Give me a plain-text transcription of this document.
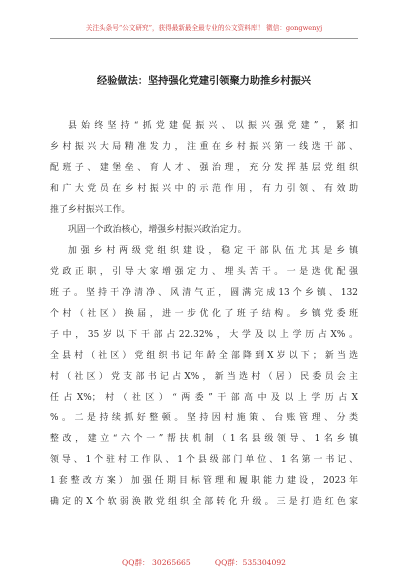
关注头条号“公文研究”，获得最新最全最专业的公文资料库！ 微信：gongwenyj
经验做法：坚持强化党建引领聚力助推乡村振兴
县始终坚持“抓党建促振兴、以振兴强党建”，紧扣
乡村振兴大局精准发力，注重在乡村振兴第一线选干部、
配班子、建堡垒、育人才、强治理，充分发挥基层党组织
和广大党员在乡村振兴中的示范作用，有力引领、有效助
推了乡村振兴工作。
巩固一个政治核心，增强乡村振兴政治定力。
加强乡村两级党组织建设，稳定干部队伍尤其是乡镇
党政正职，引导大家增强定力、埋头苦干。一是选优配强
班子。坚持干净清净、风清气正，圆满完成13个乡镇、132
个村（社区）换届，进一步优化了班子结构。乡镇党委班
子中，35岁以下干部占22.32%，大学及以上学历占X%。
全县村（社区）党组织书记年龄全部降到X岁以下；新当选
村（社区）党支部书记占X%，新当选村（居）民委员会主
任占X%；村（社区）“两委”干部高中及以上学历占X
%。二是持续抓好整顿。坚持因村施策、台账管理、分类
整改，建立“六个一”帮扶机制（1名县级领导、1名乡镇
领导、1个驻村工作队、1个县级部门单位、1名第一书记、
1套整改方案）加强任期目标管理和履职能力建设，2023年
确定的X个软弱涣散党组织全部转化升级。三是打造红色家
QQ群： 30265665	QQ群：535304092
